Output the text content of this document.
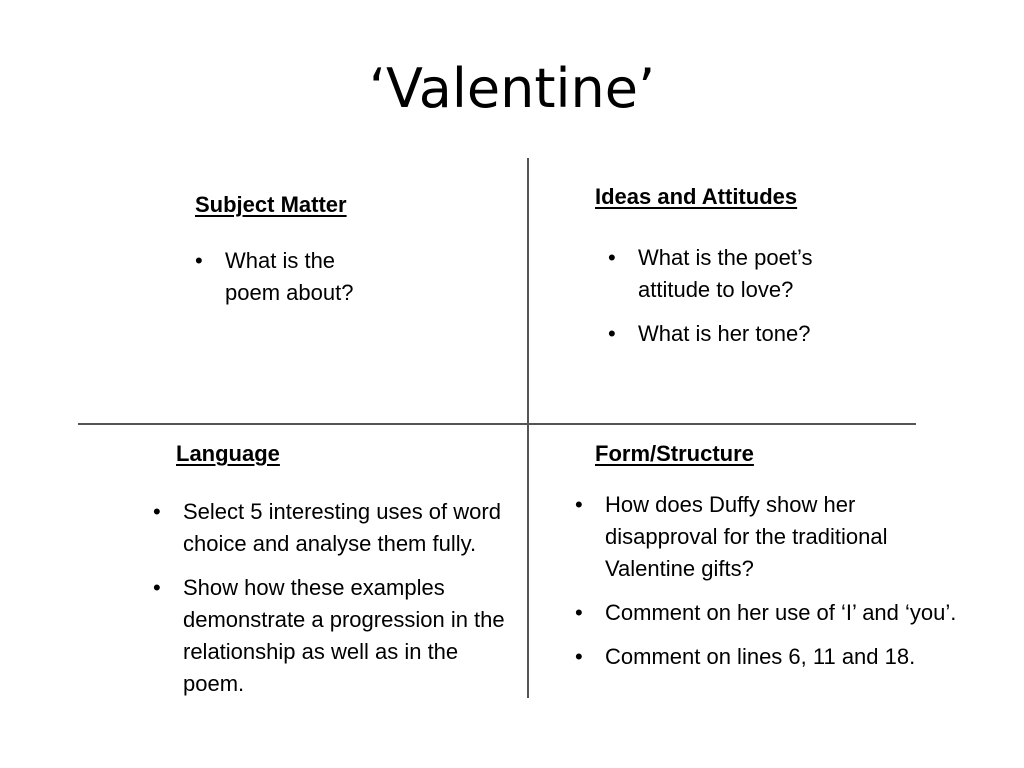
‘Valentine’
Subject Matter
• What is the poem about?
Ideas and Attitudes
• What is the poet’s attitude to love?
• What is her tone?
Language
• Select 5 interesting uses of word choice and analyse them fully.
• Show how these examples demonstrate a progression in the relationship as well as in the poem.
Form/Structure
• How does Duffy show her disapproval for the traditional Valentine gifts?
• Comment on her use of ‘I’ and ‘you’.
• Comment on lines 6, 11 and 18.
